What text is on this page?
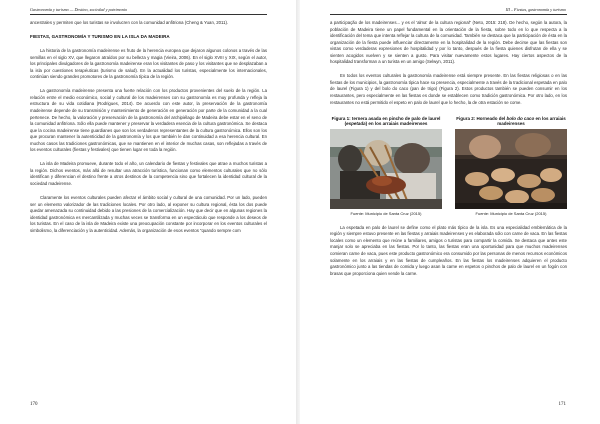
Gastronomía y turismo — Destino, sociedad y patrimonio

ancestrales y permiten que los turistas se involucren con la comunidad anfitriona (Cheng & Yuan, 2011).

FIESTAS, GASTRONOMÍA Y TURISMO EN LA ISLA DA MADEIRA

La historia de la gastronomía madeirense es fruto de la herencia europea que dejaron algunos colonos a través de las semillas en el siglo XV, que llegaron atraídos por su belleza y magia (Vieira, 2006). En el siglo XVIII y XIX, según el autor, los principales divulgadores de la gastronomía madeirense eran los visitantes de paso y los visitantes que se desplazaban a la isla por cuestiones terapéuticas (turismo de salud). En la actualidad los turistas, especialmente los internacionales, continúan siendo grandes promotores de la gastronomía típica de la región.

La gastronomía madeirense presenta una fuerte relación con los productos provenientes del suelo de la región. La relación entre el medio económico, social y cultural de los madeirenses con su gastronomía es muy profunda y refleja la estructura de su vida cotidiana (Rodrigues, 2014). De acuerdo con este autor, la preservación de la gastronomía madeirense depende de su transmisión y mantenimiento de generación en generación por parte de la comunidad a la cual pertenece. De hecho, la valoración y preservación de la gastronomía del archipiélago de Madeira debe estar en el seno de la comunidad anfitriona. Sólo ella puede mantener y preservar la verdadera esencia de la cultura gastronómica. Se destaca que la cocina madeirense tiene guardianes que son los verdaderos representantes de la cultura gastronómica. Ellos son los que procuran mantener la autenticidad de la gastronomía y los que también le dan continuidad a esa herencia cultural. En muchos casos las tradiciones gastronómicas, que se mantienen en el interior de muchas casas, son reflejadas a través de los eventos culturales (fiestas y festivales) que tienen lugar en toda la región.

La isla de Madeira promueve, durante todo el año, un calendario de fiestas y festivales que atrae a muchos turistas a la región. Dichos eventos, más allá de resultar una atracción turística, funcionan como elementos culturales que no sólo identifican y diferencian el destino frente a otros destinos de la competencia sino que fortalecen la identidad cultural de la sociedad madeirense.

Claramente los eventos culturales pueden afectar el ámbito social y cultural de una comunidad. Por un lado, pueden ser un elemento valorizador de las tradiciones locales. Por otro lado, al exponer su cultura regional, ésta los dos puede quedar amenazada su continuidad debido a las presiones de la comercialización. Hay que decir que en algunas regiones la identidad gastronómica es mercantilizada y muchas veces se transforma en un espectáculo que responde a los deseos de los turistas. En el caso de la isla de Madeira existe una preocupación constante por incorporar en los eventos culturales el simbolismo, la diferenciación y la autenticidad. Además, la organización de esos eventos “quando sempre com

170
III – Fiestas, gastronomía y turismo

a participação de los madeirenses... y es el ‘alma’ de la cultura regional” (Neto, 2015: 218). De hecho, según la autora, la población de Madeira tiene un papel fundamental en la orientación de la fiesta, sobre todo en lo que respecta a la identificación del tema que intenta reflejar la cultura de la comunidad. También se destaca que la participación de ésta en la organización de la fiesta puede influenciar directamente en la hospitalidad de la región. Debe decirse que las fiestas son vistas como verdaderas expresiones de hospitalidad y por lo tanto, después de la fiesta quienes disfrutan de ella y se sienten acogidos vuelven y se sienten a gusto. Para visitar nuevamente estos lugares. Hay ciertos aspectos de la hospitalidad transforman a un turista en un amigo (Selwyn, 2011).

En todos los eventos culturales la gastronomía madeirense está siempre presente. En las fiestas religiosas o en las fiestas de los municipios, la gastronomía típica hace su presencia, especialmente a través de la tradicional espetada en palo de laurel (Figura 1) y del bolo do caco (pan de trigo) (Figura 2). Estos productos también se pueden consumir en los restaurantes, pero especialmente en las fiestas es donde se establecen como tradición gastronómica. Por otro lado, en los restaurantes no está permitido el espeto en palo de laurel que lo hecho, la de otra estación se come.

Figura 1: ternera asada en pincho de palo de laurel (espetada) en los arraiais madeirenses
Fuente: Municipio de Santa Cruz (2015)
Figura 2: Horneado del bolo do caco en los arraiais madeirenses
Fuente: Municipio de Santa Cruz (2015)

La espetada en palo de laurel se define como el plato más típico de la isla. Es una especialidad emblemática de la región y siempre estuvo presente en las fiestas y arraiais madeirenses y es elaborada sólo con carne de vaca. En las fiestas locales como un elemento que reúne a familiares, amigos o turistas para compartir la comida. Se destaca que antes este manjar solo se apreciaba en las fiestas. Por lo tanto, las fiestas eran una oportunidad para que muchos madeirenses comieran carne de vaca, pues este producto gastronómico era consumido por las personas de menos recursos económicos solamente en los arraiais y en las fiestas de cumpleaños. En las fiestas los madeirenses adquieren el producto gastronómico junto a las tiendas de comida y luego asan la carne en espetos o pinchos de palo de laurel en un fogón con brasas que proporciona quien vende la carne.

171
